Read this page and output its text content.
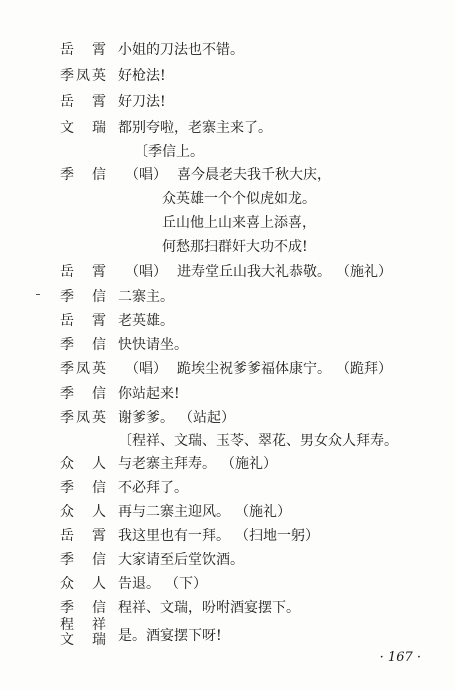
岳　霄 小姐的刀法也不错。
季凤英 好枪法!
岳　霄 好刀法!
文　瑞 都别夸啦，老寨主来了。
〔季信上。
季　信 （唱） 喜今晨老夫我千秋大庆，
众英雄一个个似虎如龙。
丘山他上山来喜上添喜，
何愁那扫群奸大功不成!
岳　霄 （唱） 进寿堂丘山我大礼恭敬。 （施礼）
季　信 二寨主。
岳　霄 老英雄。
季　信 快快请坐。
季凤英 （唱） 跪埃尘祝爹爹福体康宁。 （跪拜）
季　信 你站起来!
季凤英 谢爹爹。 （站起）
〔程祥、文瑞、玉苓、翠花、男女众人拜寿。
众　人 与老寨主拜寿。 （施礼）
季　信 不必拜了。
众　人 再与二寨主迎风。 （施礼）
岳　霄 我这里也有一拜。 （扫地一躬）
季　信 大家请至后堂饮酒。
众　人 告退。 （下）
季　信 程祥、文瑞，吩咐酒宴摆下。
程　祥
文　瑞 是。酒宴摆下呀!
· 167 ·
